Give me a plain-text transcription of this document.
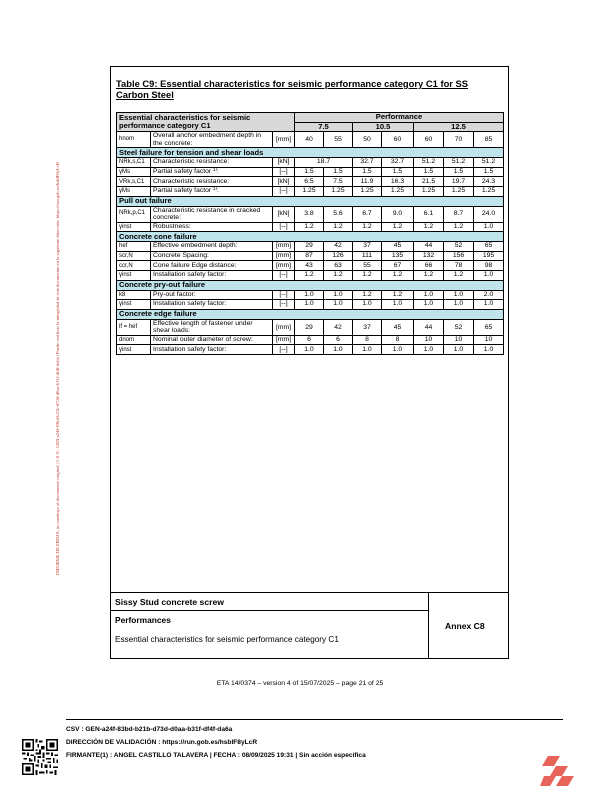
INFORME DE FIRMA, no sustituye al documento original | C.S.V.: GEN-a24f-83bd-b21b-d73d-d0aa-b31f-df4f-da6a | Puede verificar la integridad de este documento en la siguiente dirección: https://run.gob.es/hsbIF8yLcR
Table C9: Essential characteristics for seismic performance category C1 for SS Carbon Steel
Essential characteristics for seismic performance category C1			Performance						
			7.5		10.5		12.5		
hnom	Overall anchor embedment depth in the concrete:	[mm]	40	55	50	60	60	70	85
Steel failure for tension and shear loads									
NRk,s,C1	Characteristic resistance:	[kN]	18.7		32.7	32.7	51.2	51.2	51.2
γMs	Partial safety factor ¹⁾:	[--]	1.5	1.5	1.5	1.5	1.5	1.5	1.5
VRk,s,C1	Characteristic resistance:	[kN]	6.5	7.5	11.9	16.3	21.5	19.7	24.3
γMs	Partial safety factor ¹⁾:	[--]	1.25	1.25	1.25	1.25	1.25	1.25	1.25
Pull out failure									
NRk,p,C1	Characteristic resistance in cracked concrete:	[kN]	3.8	5.6	6.7	9.0	6.1	8.7	24.0
γinst	Robustness:	[--]	1.2	1.2	1.2	1.2	1.2	1.2	1.0
Concrete cone failure									
hef	Effective embedment depth:	[mm]	29	42	37	45	44	52	65
scr,N	Concrete Spacing:	[mm]	87	126	111	135	132	156	195
ccr,N	Cone failure Edge distance:	[mm]	43	63	55	67	66	78	98
γinst	Installation safety factor:	[--]	1.2	1.2	1.2	1.2	1.2	1.2	1.0
Concrete pry-out failure									
k8	Pry-out factor:	[--]	1.0	1.0	1.2	1.2	1.0	1.0	2.0
γinst	Installation safety factor:	[--]	1.0	1.0	1.0	1.0	1.0	1.0	1.0
Concrete edge failure									
lf = hef	Effective length of fastener under shear loads:	[mm]	29	42	37	45	44	52	65
dnom	Nominal outer diameter of screw:	[mm]	6	6	8	8	10	10	10
γinst	Installation safety factor:	[--]	1.0	1.0	1.0	1.0	1.0	1.0	1.0
Sissy Stud concrete screw
Performances
Essential characteristics for seismic performance category C1
Annex C8
ETA 14/0374 – version 4 of 15/07/2025 – page 21 of 25
CSV : GEN-a24f-83bd-b21b-d73d-d0aa-b31f-df4f-da6a
DIRECCIÓN DE VALIDACIÓN : https://run.gob.es/hsbIF8yLcR
FIRMANTE(1) : ANGEL CASTILLO TALAVERA | FECHA : 08/09/2025 19:31 | Sin acción específica
